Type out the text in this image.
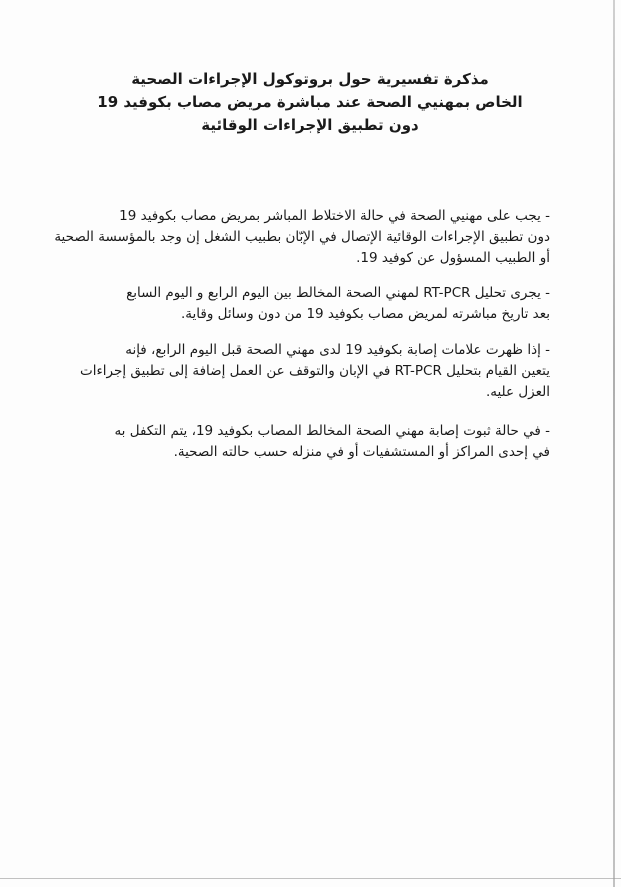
مذكرة تفسيرية حول بروتوكول الإجراءات الصحية

الخاص بمهنيي الصحة عند مباشرة مريض مصاب بكوفيد 19

دون تطبيق الإجراءات الوقائية

- يجب على مهنيي الصحة في حالة الاختلاط المباشر بمريض مصاب بكوفيد 19
دون تطبيق الإجراءات الوقائية الإتصال في الإبّان بطبيب الشغل إن وجد بالمؤسسة الصحية
أو الطبيب المسؤول عن كوفيد 19.
- يجرى تحليل RT-PCR لمهني الصحة المخالط بين اليوم الرابع و اليوم السابع
بعد تاريخ مباشرته لمريض مصاب بكوفيد 19 من دون وسائل وقاية.
- إذا ظهرت علامات إصابة بكوفيد 19 لدى مهني الصحة قبل اليوم الرابع، فإنه
يتعين القيام بتحليل RT-PCR في الإبان والتوقف عن العمل إضافة إلى تطبيق إجراءات
العزل عليه.
- في حالة ثبوت إصابة مهني الصحة المخالط المصاب بكوفيد 19، يتم التكفل به
في إحدى المراكز أو المستشفيات أو في منزله حسب حالته الصحية.
